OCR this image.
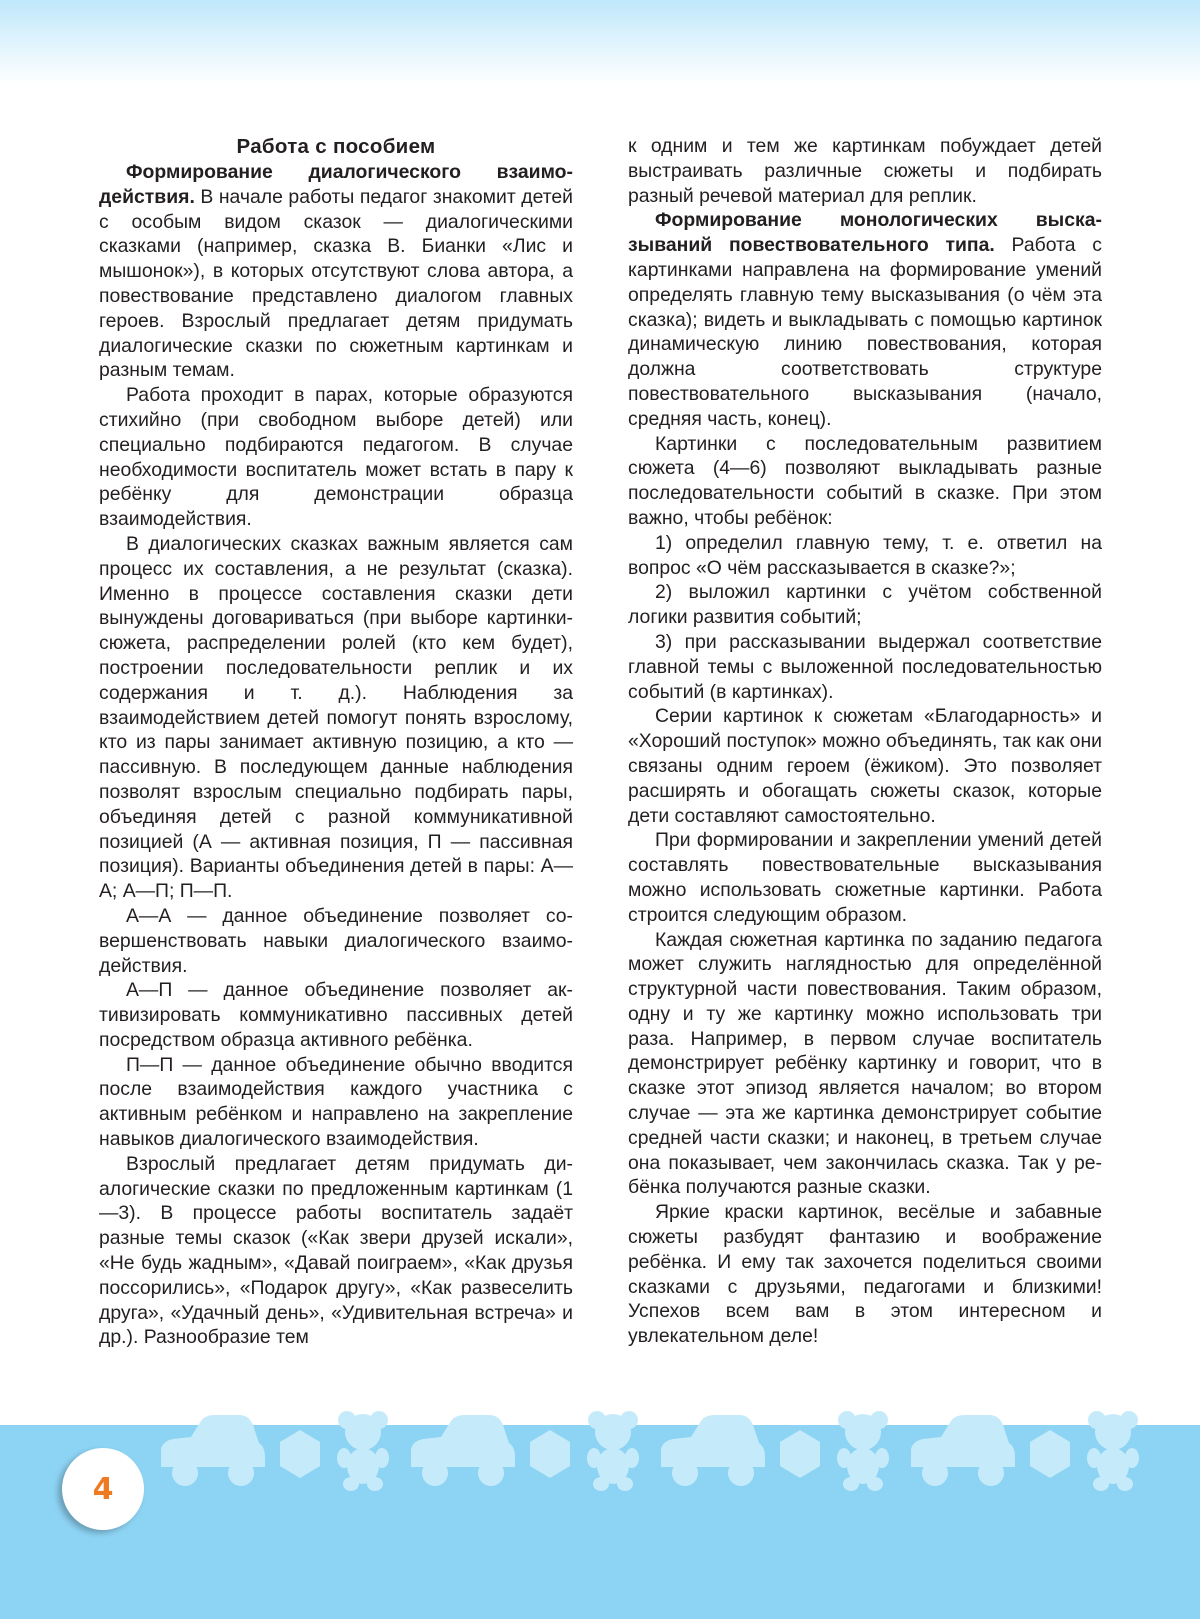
Работа с пособием

Формирование диалогического взаимодействия. В начале работы педагог знакомит детей с особым видом сказок — диалогическими сказками (например, сказка В. Бианки «Лис и мышонок»), в которых отсутствуют слова автора, а повествование представлено диалогом главных героев. Взрослый предлагает детям придумать диалогические сказки по сюжетным картинкам и разным темам.

Работа проходит в парах, которые образуются стихийно (при свободном выборе детей) или специально подбираются педагогом. В случае необходимости воспитатель может встать в пару к ребёнку для демонстрации образца взаимодействия.

В диалогических сказках важным является сам процесс их составления, а не результат (сказка). Именно в процессе составления сказки дети вынуждены договариваться (при выборе картинки-сюжета, распределении ролей (кто кем будет), построении последовательности реплик и их содержания и т. д.). Наблюдения за взаимодействием детей помогут понять взрослому, кто из пары занимает активную позицию, а кто — пассивную. В последующем данные наблюдения позволят взрослым специально подбирать пары, объединяя детей с разной коммуникативной позицией (А — активная позиция, П — пассивная позиция). Варианты объединения детей в пары: А—А; А—П; П—П.

А—А — данное объединение позволяет совершенствовать навыки диалогического взаимодействия.

А—П — данное объединение позволяет активизировать коммуникативно пассивных детей посредством образца активного ребёнка.

П—П — данное объединение обычно вводится после взаимодействия каждого участника с активным ребёнком и направлено на закрепление навыков диалогического взаимодействия.

Взрослый предлагает детям придумать диалогические сказки по предложенным картинкам (1—3). В процессе работы воспитатель задаёт разные темы сказок («Как звери друзей искали», «Не будь жадным», «Давай поиграем», «Как друзья поссорились», «Подарок другу», «Как развеселить друга», «Удачный день», «Удивительная встреча» и др.). Разнообразие тем

к одним и тем же картинкам побуждает детей выстраивать различные сюжеты и подбирать разный речевой материал для реплик.

Формирование монологических высказываний повествовательного типа. Работа с картинками направлена на формирование умений определять главную тему высказывания (о чём эта сказка); видеть и выкладывать с помощью картинок динамическую линию повествования, которая должна соответствовать структуре повествовательного высказывания (начало, средняя часть, конец).

Картинки с последовательным развитием сюжета (4—6) позволяют выкладывать разные последовательности событий в сказке. При этом важно, чтобы ребёнок:

1) определил главную тему, т. е. ответил на вопрос «О чём рассказывается в сказке?»;

2) выложил картинки с учётом собственной логики развития событий;

3) при рассказывании выдержал соответствие главной темы с выложенной последовательностью событий (в картинках).

Серии картинок к сюжетам «Благодарность» и «Хороший поступок» можно объединять, так как они связаны одним героем (ёжиком). Это позволяет расширять и обогащать сюжеты сказок, которые дети составляют самостоятельно.

При формировании и закреплении умений детей составлять повествовательные высказывания можно использовать сюжетные картинки. Работа строится следующим образом.

Каждая сюжетная картинка по заданию педагога может служить наглядностью для определённой структурной части повествования. Таким образом, одну и ту же картинку можно использовать три раза. Например, в первом случае воспитатель демонстрирует ребёнку картинку и говорит, что в сказке этот эпизод является началом; во втором случае — эта же картинка демонстрирует событие средней части сказки; и наконец, в третьем случае она показывает, чем закончилась сказка. Так у ребёнка получаются разные сказки.

Яркие краски картинок, весёлые и забавные сюжеты разбудят фантазию и воображение ребёнка. И ему так захочется поделиться своими сказками с друзьями, педагогами и близкими! Успехов всем вам в этом интересном и увлекательном деле!

4
